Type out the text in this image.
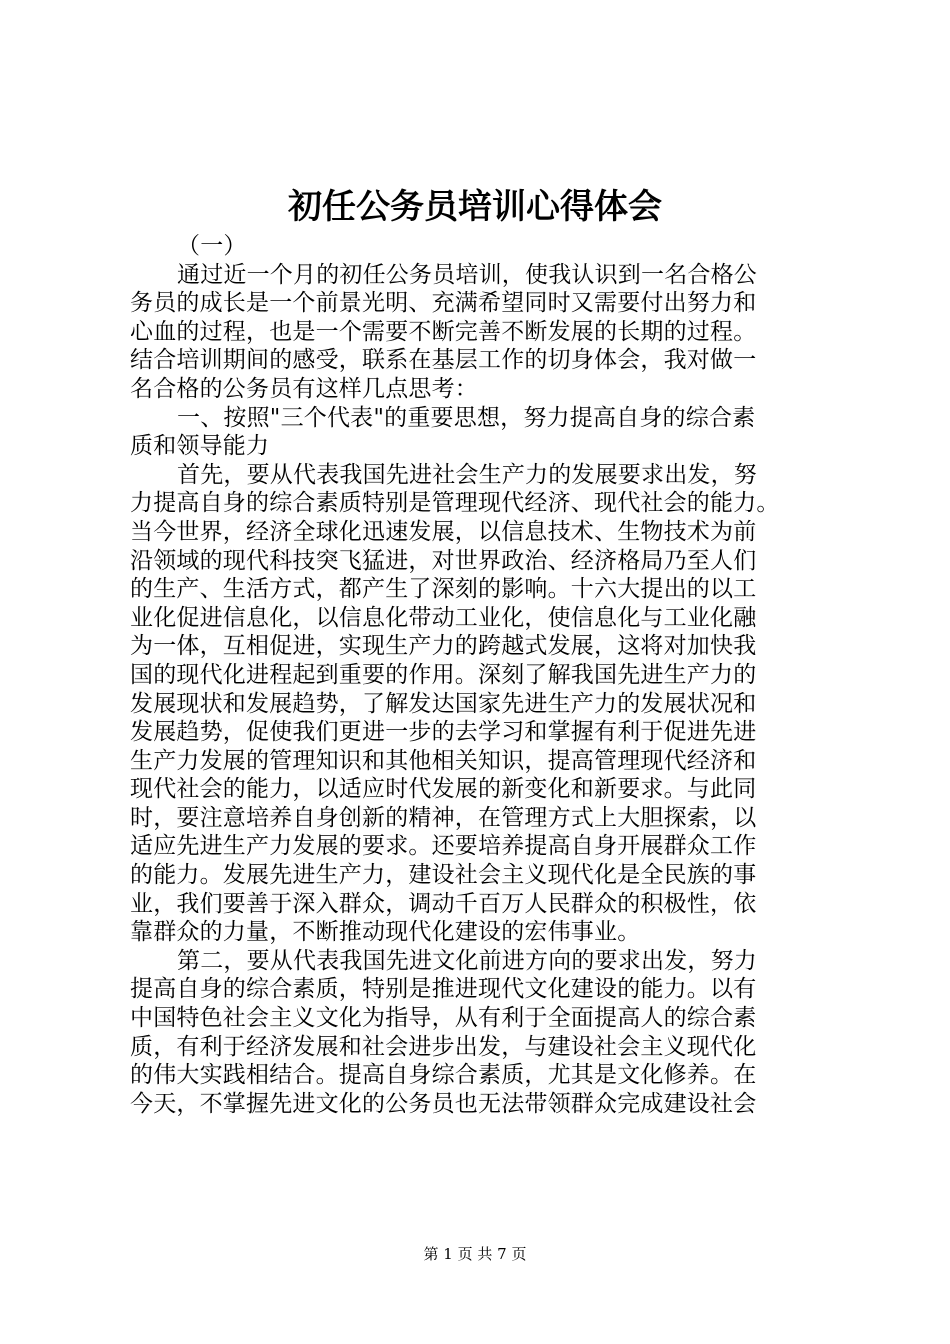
初任公务员培训心得体会
（一）
通过近一个月的初任公务员培训，使我认识到一名合格公
务员的成长是一个前景光明、充满希望同时又需要付出努力和
心血的过程，也是一个需要不断完善不断发展的长期的过程。
结合培训期间的感受，联系在基层工作的切身体会，我对做一
名合格的公务员有这样几点思考：
一、按照"三个代表"的重要思想，努力提高自身的综合素
质和领导能力
首先，要从代表我国先进社会生产力的发展要求出发，努
力提高自身的综合素质特别是管理现代经济、现代社会的能力。
当今世界，经济全球化迅速发展，以信息技术、生物技术为前
沿领域的现代科技突飞猛进，对世界政治、经济格局乃至人们
的生产、生活方式，都产生了深刻的影响。十六大提出的以工
业化促进信息化，以信息化带动工业化，使信息化与工业化融
为一体，互相促进，实现生产力的跨越式发展，这将对加快我
国的现代化进程起到重要的作用。深刻了解我国先进生产力的
发展现状和发展趋势，了解发达国家先进生产力的发展状况和
发展趋势，促使我们更进一步的去学习和掌握有利于促进先进
生产力发展的管理知识和其他相关知识，提高管理现代经济和
现代社会的能力，以适应时代发展的新变化和新要求。与此同
时，要注意培养自身创新的精神，在管理方式上大胆探索，以
适应先进生产力发展的要求。还要培养提高自身开展群众工作
的能力。发展先进生产力，建设社会主义现代化是全民族的事
业，我们要善于深入群众，调动千百万人民群众的积极性，依
靠群众的力量，不断推动现代化建设的宏伟事业。
第二，要从代表我国先进文化前进方向的要求出发，努力
提高自身的综合素质，特别是推进现代文化建设的能力。以有
中国特色社会主义文化为指导，从有利于全面提高人的综合素
质，有利于经济发展和社会进步出发，与建设社会主义现代化
的伟大实践相结合。提高自身综合素质，尤其是文化修养。在
今天，不掌握先进文化的公务员也无法带领群众完成建设社会
第 1 页 共 7 页
